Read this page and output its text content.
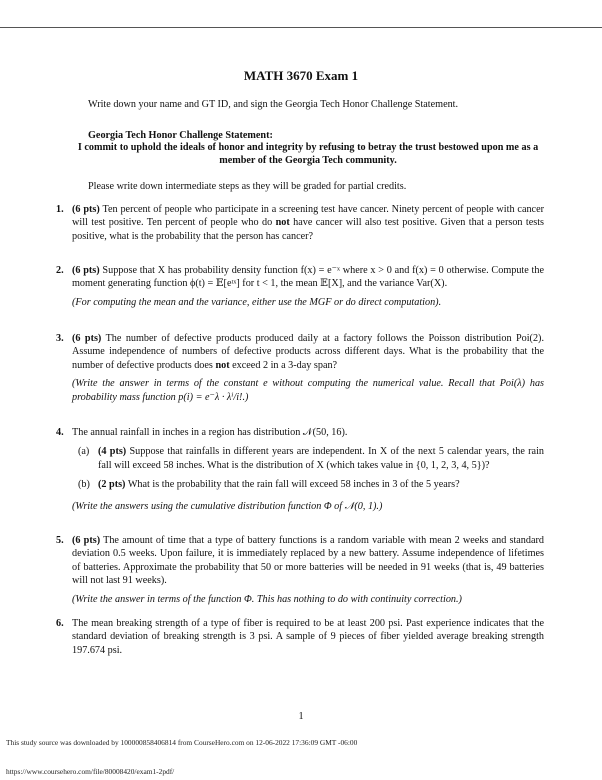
MATH 3670 Exam 1
Write down your name and GT ID, and sign the Georgia Tech Honor Challenge Statement.
Georgia Tech Honor Challenge Statement:
I commit to uphold the ideals of honor and integrity by refusing to betray the trust bestowed upon me as a member of the Georgia Tech community.
Please write down intermediate steps as they will be graded for partial credits.
1. (6 pts) Ten percent of people who participate in a screening test have cancer. Ninety percent of people with cancer will test positive. Ten percent of people who do not have cancer will also test positive. Given that a person tests positive, what is the probability that the person has cancer?
2. (6 pts) Suppose that X has probability density function f(x) = e⁻ˣ where x > 0 and f(x) = 0 otherwise. Compute the moment generating function ϕ(t) = 𝔼[eᵗˣ] for t < 1, the mean 𝔼[X], and the variance Var(X).
(For computing the mean and the variance, either use the MGF or do direct computation).
3. (6 pts) The number of defective products produced daily at a factory follows the Poisson distribution Poi(2). Assume independence of numbers of defective products across different days. What is the probability that the number of defective products does not exceed 2 in a 3-day span?
(Write the answer in terms of the constant e without computing the numerical value. Recall that Poi(λ) has probability mass function p(i) = e⁻λ · λⁱ/i!.)
4. The annual rainfall in inches in a region has distribution 𝒩(50, 16).
(a) (4 pts) Suppose that rainfalls in different years are independent. In X of the next 5 calendar years, the rain fall will exceed 58 inches. What is the distribution of X (which takes value in {0, 1, 2, 3, 4, 5})?
(b) (2 pts) What is the probability that the rain fall will exceed 58 inches in 3 of the 5 years?
(Write the answers using the cumulative distribution function Φ of 𝒩(0, 1).)
5. (6 pts) The amount of time that a type of battery functions is a random variable with mean 2 weeks and standard deviation 0.5 weeks. Upon failure, it is immediately replaced by a new battery. Assume independence of lifetimes of batteries. Approximate the probability that 50 or more batteries will be needed in 91 weeks (that is, 49 batteries will not last 91 weeks).
(Write the answer in terms of the function Φ. This has nothing to do with continuity correction.)
6. The mean breaking strength of a type of fiber is required to be at least 200 psi. Past experience indicates that the standard deviation of breaking strength is 3 psi. A sample of 9 pieces of fiber yielded average breaking strength 197.674 psi.
1
This study source was downloaded by 100000858406814 from CourseHero.com on 12-06-2022 17:36:09 GMT -06:00
https://www.coursehero.com/file/80008420/exam1-2pdf/
